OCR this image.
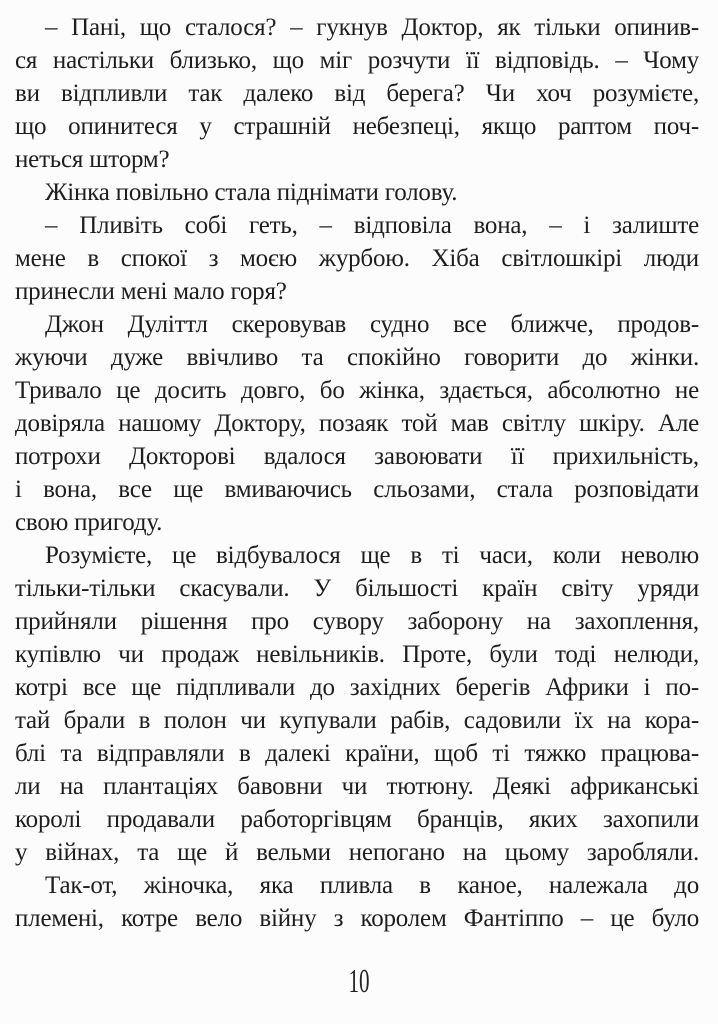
– Пані, що сталося? – гукнув Доктор, як тільки опинив-
ся настільки близько, що міг розчути її відповідь. – Чому
ви відпливли так далеко від берега? Чи хоч розумієте,
що опинитеся у страшній небезпеці, якщо раптом поч-
неться шторм?
Жінка повільно стала піднімати голову.
– Пливіть собі геть, – відповіла вона, – і залиште
мене в спокої з моєю журбою. Хіба світлошкірі люди
принесли мені мало горя?
Джон Дуліттл скеровував судно все ближче, продов-
жуючи дуже ввічливо та спокійно говорити до жінки.
Тривало це досить довго, бо жінка, здається, абсолютно не
довіряла нашому Доктору, позаяк той мав світлу шкіру. Але
потрохи Докторові вдалося завоювати її прихильність,
і вона, все ще вмиваючись сльозами, стала розповідати
свою пригоду.
Розумієте, це відбувалося ще в ті часи, коли неволю
тільки-тільки скасували. У більшості країн світу уряди
прийняли рішення про сувору заборону на захоплення,
купівлю чи продаж невільників. Проте, були тоді нелюди,
котрі все ще підпливали до західних берегів Африки і по-
тай брали в полон чи купували рабів, садовили їх на кора-
блі та відправляли в далекі країни, щоб ті тяжко працюва-
ли на плантаціях бавовни чи тютюну. Деякі африканські
королі продавали работоргівцям бранців, яких захопили
у війнах, та ще й вельми непогано на цьому заробляли.
Так-от, жіночка, яка пливла в каное, належала до
племені, котре вело війну з королем Фантіппо – це було
10
